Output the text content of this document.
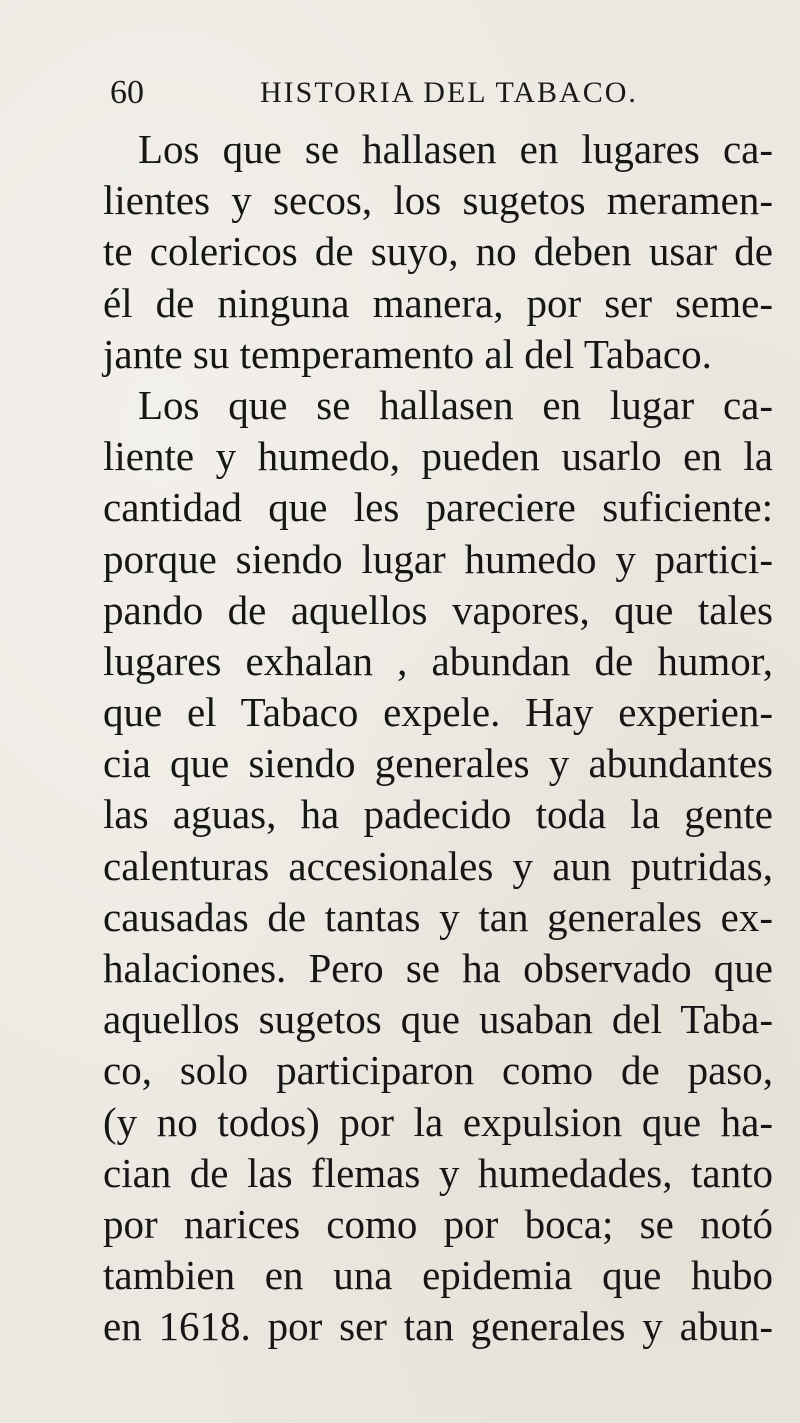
60	HISTORIA DEL TABACO.
Los que se hallasen en lugares ca-
lientes y secos, los sugetos meramen-
te colericos de suyo, no deben usar de
él de ninguna manera, por ser seme-
jante su temperamento al del Tabaco.
Los que se hallasen en lugar ca-
liente y humedo, pueden usarlo en la
cantidad que les pareciere suficiente:
porque siendo lugar humedo y partici-
pando de aquellos vapores, que tales
lugares exhalan , abundan de humor,
que el Tabaco expele. Hay experien-
cia que siendo generales y abundantes
las aguas, ha padecido toda la gente
calenturas accesionales y aun putridas,
causadas de tantas y tan generales ex-
halaciones. Pero se ha observado que
aquellos sugetos que usaban del Taba-
co, solo participaron como de paso,
(y no todos) por la expulsion que ha-
cian de las flemas y humedades, tanto
por narices como por boca; se notó
tambien en una epidemia que hubo
en 1618. por ser tan generales y abun-
